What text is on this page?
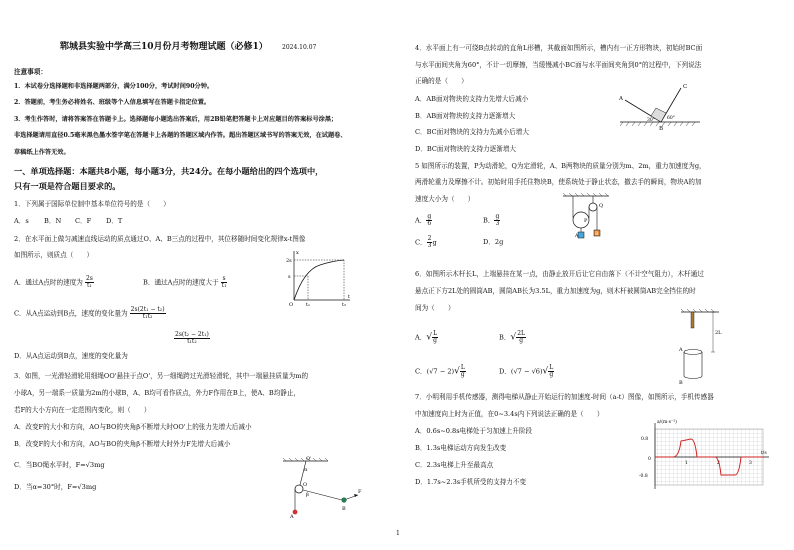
郓城县实验中学高三10月份月考物理试题（必修1） 2024.10.07
注意事项：
1．本试卷分选择题和非选择题两部分，满分100分，考试时间90分钟。
2．答题前，考生务必将姓名、班级等个人信息填写在答题卡指定位置。
3．考生作答时，请将答案答在答题卡上。选择题每小题选出答案后，用2B铅笔把答题卡上对应题目的答案标号涂黑；
非选择题请用直径0.5毫米黑色墨水签字笔在答题卡上各题的答题区域内作答。超出答题区域书写的答案无效，在试题卷、
草稿纸上作答无效。
一、单项选择题：本题共8小题，每小题3分，共24分。在每小题给出的四个选项中，
只有一项是符合题目要求的。
1．下列属于国际单位制中基本单位符号的是（　　）
A．s B．N C．F D．T
2．在水平面上做匀减速直线运动的质点通过O、A、B三点的过程中，其位移随时间变化规律x-t图像
如图所示，则质点（　　）
A．通过A点时的速度为 $\frac{2s}{\text{t₁}}$	B．通过A点时的速度大于 $\frac{s}{\text{t₁}}$
C．从A点运动到B点，速度的变化量为 $\frac{\text{2s(2t₁ − t₂)}}{\text{t₁t₂}}$
$\frac{\text{2s(t₂ − 2t₁)}}{\text{t₁t₂}}$
D．从A点运动到B点，速度的变化量为
2s
s
O	t₁	t₂
x
t
3．如图，一光滑轻滑轮用细绳OO'悬挂于点O'，另一细绳跨过光滑轻滑轮，其中一端悬挂质量为m的
小球A，另一端系一质量为2m的小球B，A、B均可看作质点，外力F作用在B上，使A、B均静止，
若F的大小方向在一定范围内变化，则（　　）
A．改变F的大小和方向，AO与BO的夹角β不断增大时OO'上的张力先增大后减小
B．改变F的大小和方向，AO与BO的夹角β不断增大时外力F先增大后减小
C．当BO绳水平时，F=√3mg
D．当α=30°时，F=√3mg
O'
α
O
β	F
A
B
4．水平面上有一可绕B点转动的直角L形槽，其截面如图所示，槽内有一正方形物块，初始时BC面
与水平面间夹角为60°，不计一切摩擦，当缓慢减小BC面与水平面间夹角到0°的过程中，下列说法
正确的是（　　）
A．AB面对物块的支持力先增大后减小
B．AB面对物块的支持力逐渐增大
C．BC面对物块的支持力先减小后增大
D．BC面对物块的支持力逐渐增大
A
C
B
30°	60°
5 如图所示的装置，P为动滑轮，Q为定滑轮，A、B两物块的质量分别为m、2m，重力加速度为g，
两滑轮重力及摩擦不计。初始时用手托住物块B，使系统处于静止状态，撤去手的瞬间，物块A的加
速度大小为（　　）
A． $\frac{g}{6}$	B． $\frac{g}{3}$
C． $\frac{2}{3}$ g	D．2g
P
Q
A	B
6．如图所示木杆长L，上端悬挂在某一点，由静止放开后让它自由落下（不计空气阻力），木杆通过
悬点正下方2L处的圆筒AB，圆筒AB长为3.5L，重力加速度为g，则木杆被圆筒AB完全挡住的时
间为（　　）
A．√ $\frac{L}{g}$	B．√ $\frac{2L}{g}$
C．$(√7 - 2)√ \frac{L}{g}$	D．$(√7 - √6)√ \frac{L}{g}$
2L
A
B
7．小明利用手机传感器，测得电梯从静止开始运行的加速度-时间（a-t）图像，如图所示，手机传感器
中加速度向上时为正值，在0~3.4s内下列说法正确的是（　　）
A．0.6s~0.8s电梯处于匀加速上升阶段
B．1.3s电梯运动方向发生改变
C．2.3s电梯上升至最高点
D．1.7s~2.3s手机所受的支持力不变
a/(m·s⁻²)
0.8
0
-0.8
1	2	3
t/s
1
